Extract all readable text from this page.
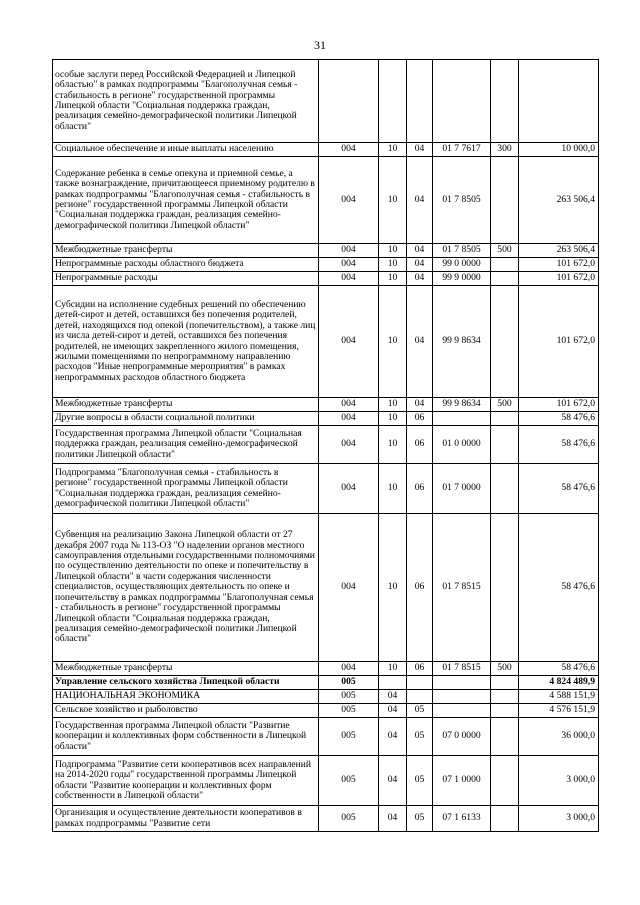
31
особые заслуги перед Российской Федерацией и Липецкой областью" в рамках подпрограммы "Благополучная семья - стабильность в регионе" государственной программы Липецкой области "Социальная поддержка граждан, реализация семейно-демографической политики Липецкой области"						
Социальное обеспечение и иные выплаты населению	004	10	04	01 7 7617	300	10 000,0
Содержание ребенка в семье опекуна и приемной семье, а также вознаграждение, причитающееся приемному родителю в рамках подпрограммы "Благополучная семья - стабильность в регионе" государственной программы Липецкой области "Социальная поддержка граждан, реализация семейно-демографической политики Липецкой области"	004	10	04	01 7 8505		263 506,4
Межбюджетные трансферты	004	10	04	01 7 8505	500	263 506,4
Непрограммные расходы областного бюджета	004	10	04	99 0 0000		101 672,0
Непрограммные расходы	004	10	04	99 9 0000		101 672,0
Субсидии на исполнение судебных решений по обеспечению детей-сирот и детей, оставшихся без попечения родителей, детей, находящихся под опекой (попечительством), а также лиц из числа детей-сирот и детей, оставшихся без попечения родителей, не имеющих закрепленного жилого помещения, жилыми помещениями по непрограммному направлению расходов "Иные непрограммные мероприятия" в рамках непрограммных расходов областного бюджета	004	10	04	99 9 8634		101 672,0
Межбюджетные трансферты	004	10	04	99 9 8634	500	101 672,0
Другие вопросы в области социальной политики	004	10	06			58 476,6
Государственная программа Липецкой области "Социальная поддержка граждан, реализация семейно-демографической политики Липецкой области"	004	10	06	01 0 0000		58 476,6
Подпрограмма "Благополучная семья - стабильность в регионе" государственной программы Липецкой области "Социальная поддержка граждан, реализация семейно-демографической политики Липецкой области"	004	10	06	01 7 0000		58 476,6
Субвенция на реализацию Закона Липецкой области от 27 декабря 2007 года № 113-ОЗ "О наделении органов местного самоуправления отдельными государственными полномочиями по осуществлению деятельности по опеке и попечительству в Липецкой области" в части содержания численности специалистов, осуществляющих деятельность по опеке и попечительству в рамках подпрограммы "Благополучная семья - стабильность в регионе" государственной программы Липецкой области "Социальная поддержка граждан, реализация семейно-демографической политики Липецкой области"	004	10	06	01 7 8515		58 476,6
Межбюджетные трансферты	004	10	06	01 7 8515	500	58 476,6
Управление сельского хозяйства Липецкой области	005					4 824 489,9
НАЦИОНАЛЬНАЯ ЭКОНОМИКА	005	04				4 588 151,9
Сельское хозяйство и рыболовство	005	04	05			4 576 151,9
Государственная программа Липецкой области "Развитие кооперации и коллективных форм собственности в Липецкой области"	005	04	05	07 0 0000		36 000,0
Подпрограмма "Развитие сети кооперативов всех направлений на 2014-2020 годы" государственной программы Липецкой области "Развитие кооперации и коллективных форм собственности в Липецкой области"	005	04	05	07 1 0000		3 000,0
Организация и осуществление деятельности кооперативов в рамках подпрограммы "Развитие сети	005	04	05	07 1 6133		3 000,0
